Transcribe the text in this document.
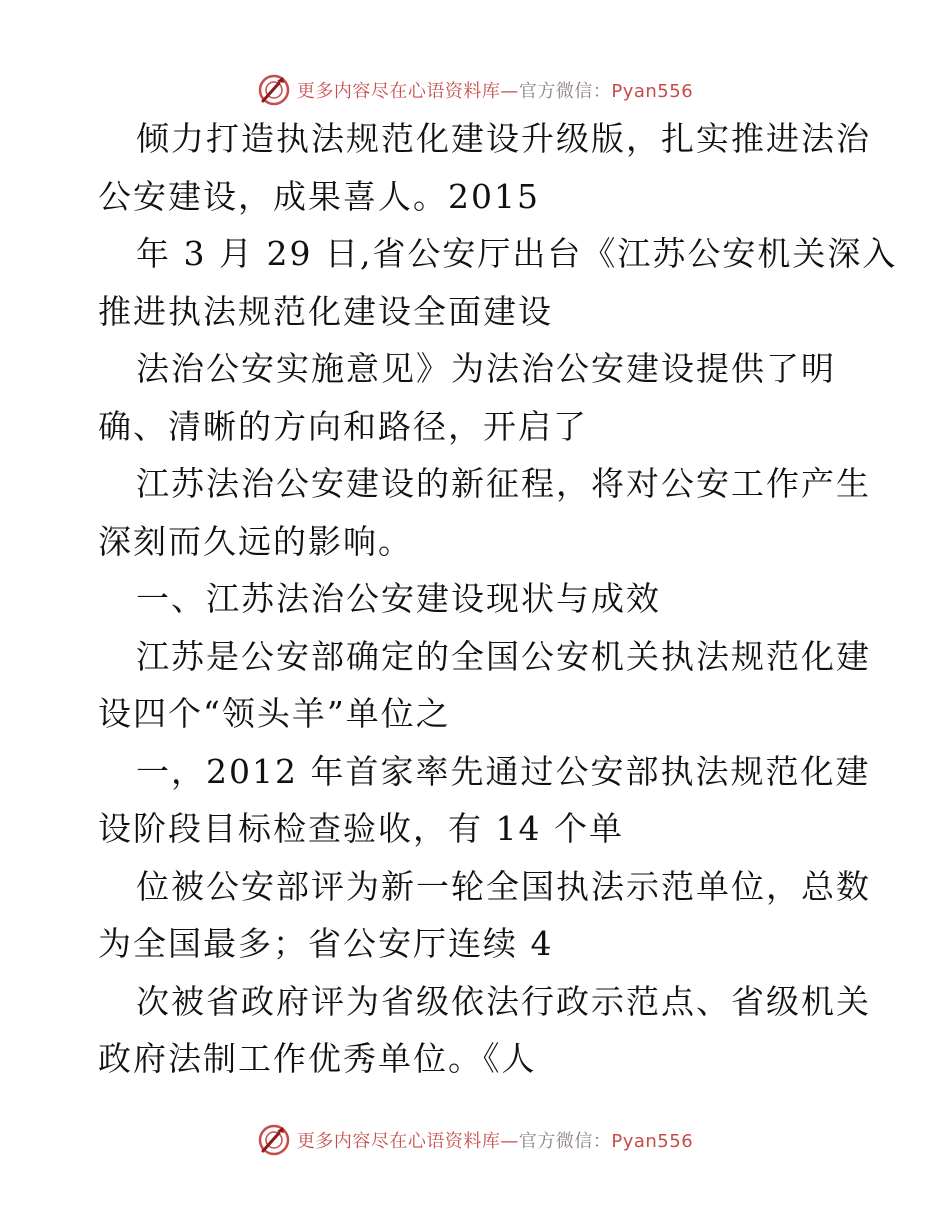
更多内容尽在心语资料库—官方微信：Pyan556
倾力打造执法规范化建设升级版，扎实推进法治
公安建设，成果喜人。2015
年 3 月 29 日,省公安厅出台《江苏公安机关深入
推进执法规范化建设全面建设
法治公安实施意见》为法治公安建设提供了明
确、清晰的方向和路径，开启了
江苏法治公安建设的新征程，将对公安工作产生
深刻而久远的影响。
一、江苏法治公安建设现状与成效
江苏是公安部确定的全国公安机关执法规范化建
设四个“领头羊”单位之
一，2012 年首家率先通过公安部执法规范化建
设阶段目标检查验收，有 14 个单
位被公安部评为新一轮全国执法示范单位，总数
为全国最多；省公安厅连续 4
次被省政府评为省级依法行政示范点、省级机关
政府法制工作优秀单位。《人
更多内容尽在心语资料库—官方微信：Pyan556
